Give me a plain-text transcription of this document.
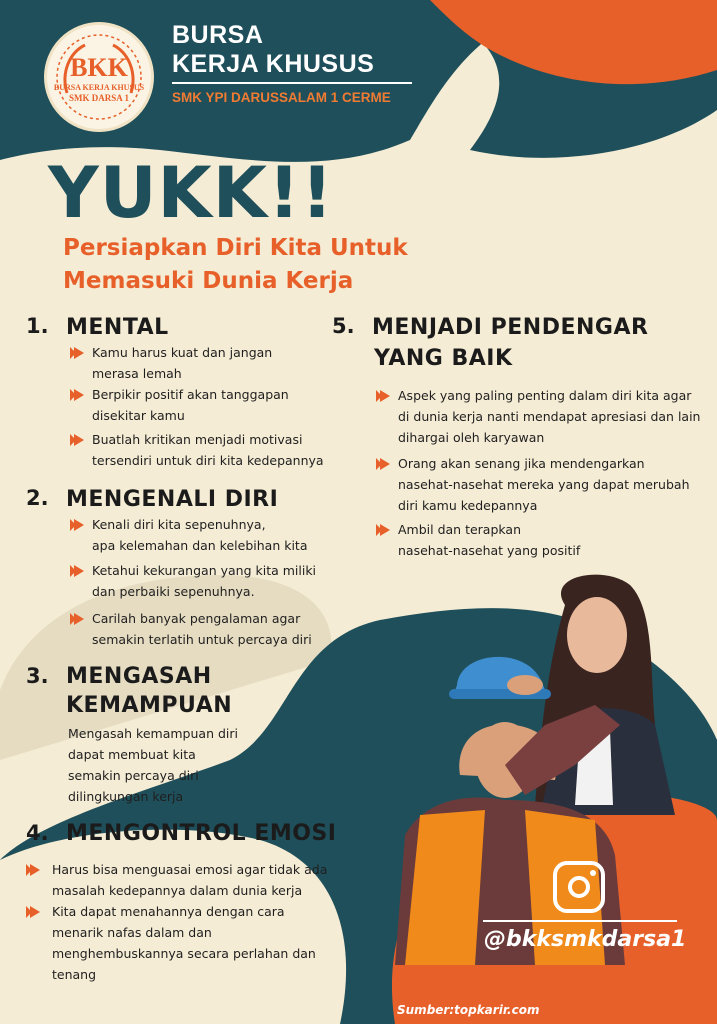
BKK
BURSA KERJA KHUSUS
SMK DARSA 1
BURSA
KERJA KHUSUS
SMK YPI DARUSSALAM 1 CERME
YUKK!!
Persiapkan Diri Kita Untuk
Memasuki Dunia Kerja
1. MENTAL
Kamu harus kuat dan jangan
merasa lemah
Berpikir positif akan tanggapan
disekitar kamu
Buatlah kritikan menjadi motivasi
tersendiri untuk diri kita kedepannya
2. MENGENALI DIRI
Kenali diri kita sepenuhnya,
apa kelemahan dan kelebihan kita
Ketahui kekurangan yang kita miliki
dan perbaiki sepenuhnya.
Carilah banyak pengalaman agar
semakin terlatih untuk percaya diri
3. MENGASAH
KEMAMPUAN
Mengasah kemampuan diri
dapat membuat kita
semakin percaya diri
dilingkungan kerja
4. MENGONTROL EMOSI
Harus bisa menguasai emosi agar tidak ada
masalah kedepannya dalam dunia kerja
Kita dapat menahannya dengan cara
menarik nafas dalam dan
menghembuskannya secara perlahan dan
tenang
5. MENJADI PENDENGAR
YANG BAIK
Aspek yang paling penting dalam diri kita agar
di dunia kerja nanti mendapat apresiasi dan lain
dihargai oleh karyawan
Orang akan senang jika mendengarkan
nasehat-nasehat mereka yang dapat merubah
diri kamu kedepannya
Ambil dan terapkan
nasehat-nasehat yang positif
@bkksmkdarsa1
Sumber:topkarir.com
